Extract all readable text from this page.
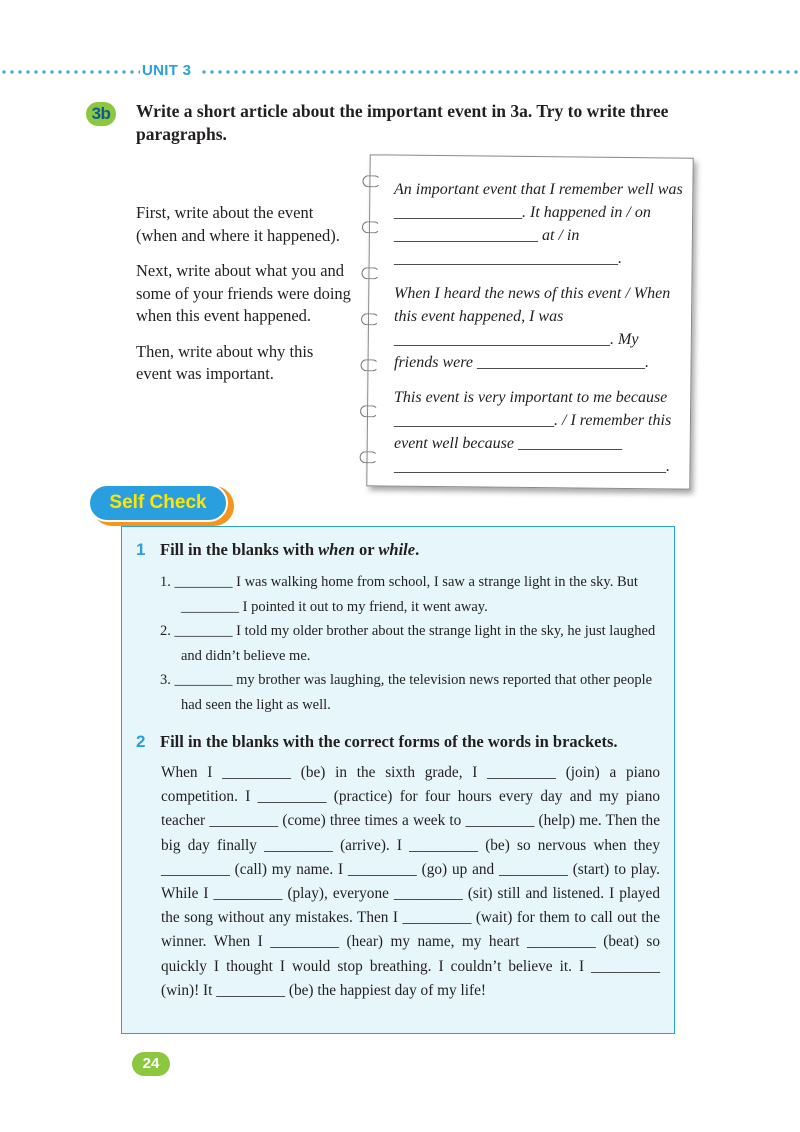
UNIT 3
3b	Write a short article about the important event in 3a. Try to write three paragraphs.

First, write about the event (when and where it happened).

Next, write about what you and some of your friends were doing when this event happened.

Then, write about why this event was important.

An important event that I remember well was ________________. It happened in / on __________________ at / in ____________________________.

When I heard the news of this event / When this event happened, I was ___________________________. My friends were _____________________.

This event is very important to me because ____________________. / I remember this event well because _____________ __________________________________.

Self Check
1 Fill in the blanks with when or while.
1. ________ I was walking home from school, I saw a strange light in the sky. But ________ I pointed it out to my friend, it went away.
2. ________ I told my older brother about the strange light in the sky, he just laughed and didn’t believe me.
3. ________ my brother was laughing, the television news reported that other people had seen the light as well.
2 Fill in the blanks with the correct forms of the words in brackets.
When I _________ (be) in the sixth grade, I _________ (join) a piano competition. I _________ (practice) for four hours every day and my piano teacher _________ (come) three times a week to _________ (help) me. Then the big day finally _________ (arrive). I _________ (be) so nervous when they _________ (call) my name. I _________ (go) up and _________ (start) to play. While I _________ (play), everyone _________ (sit) still and listened. I played the song without any mistakes. Then I _________ (wait) for them to call out the winner. When I _________ (hear) my name, my heart _________ (beat) so quickly I thought I would stop breathing. I couldn’t believe it. I _________ (win)! It _________ (be) the happiest day of my life!
24
